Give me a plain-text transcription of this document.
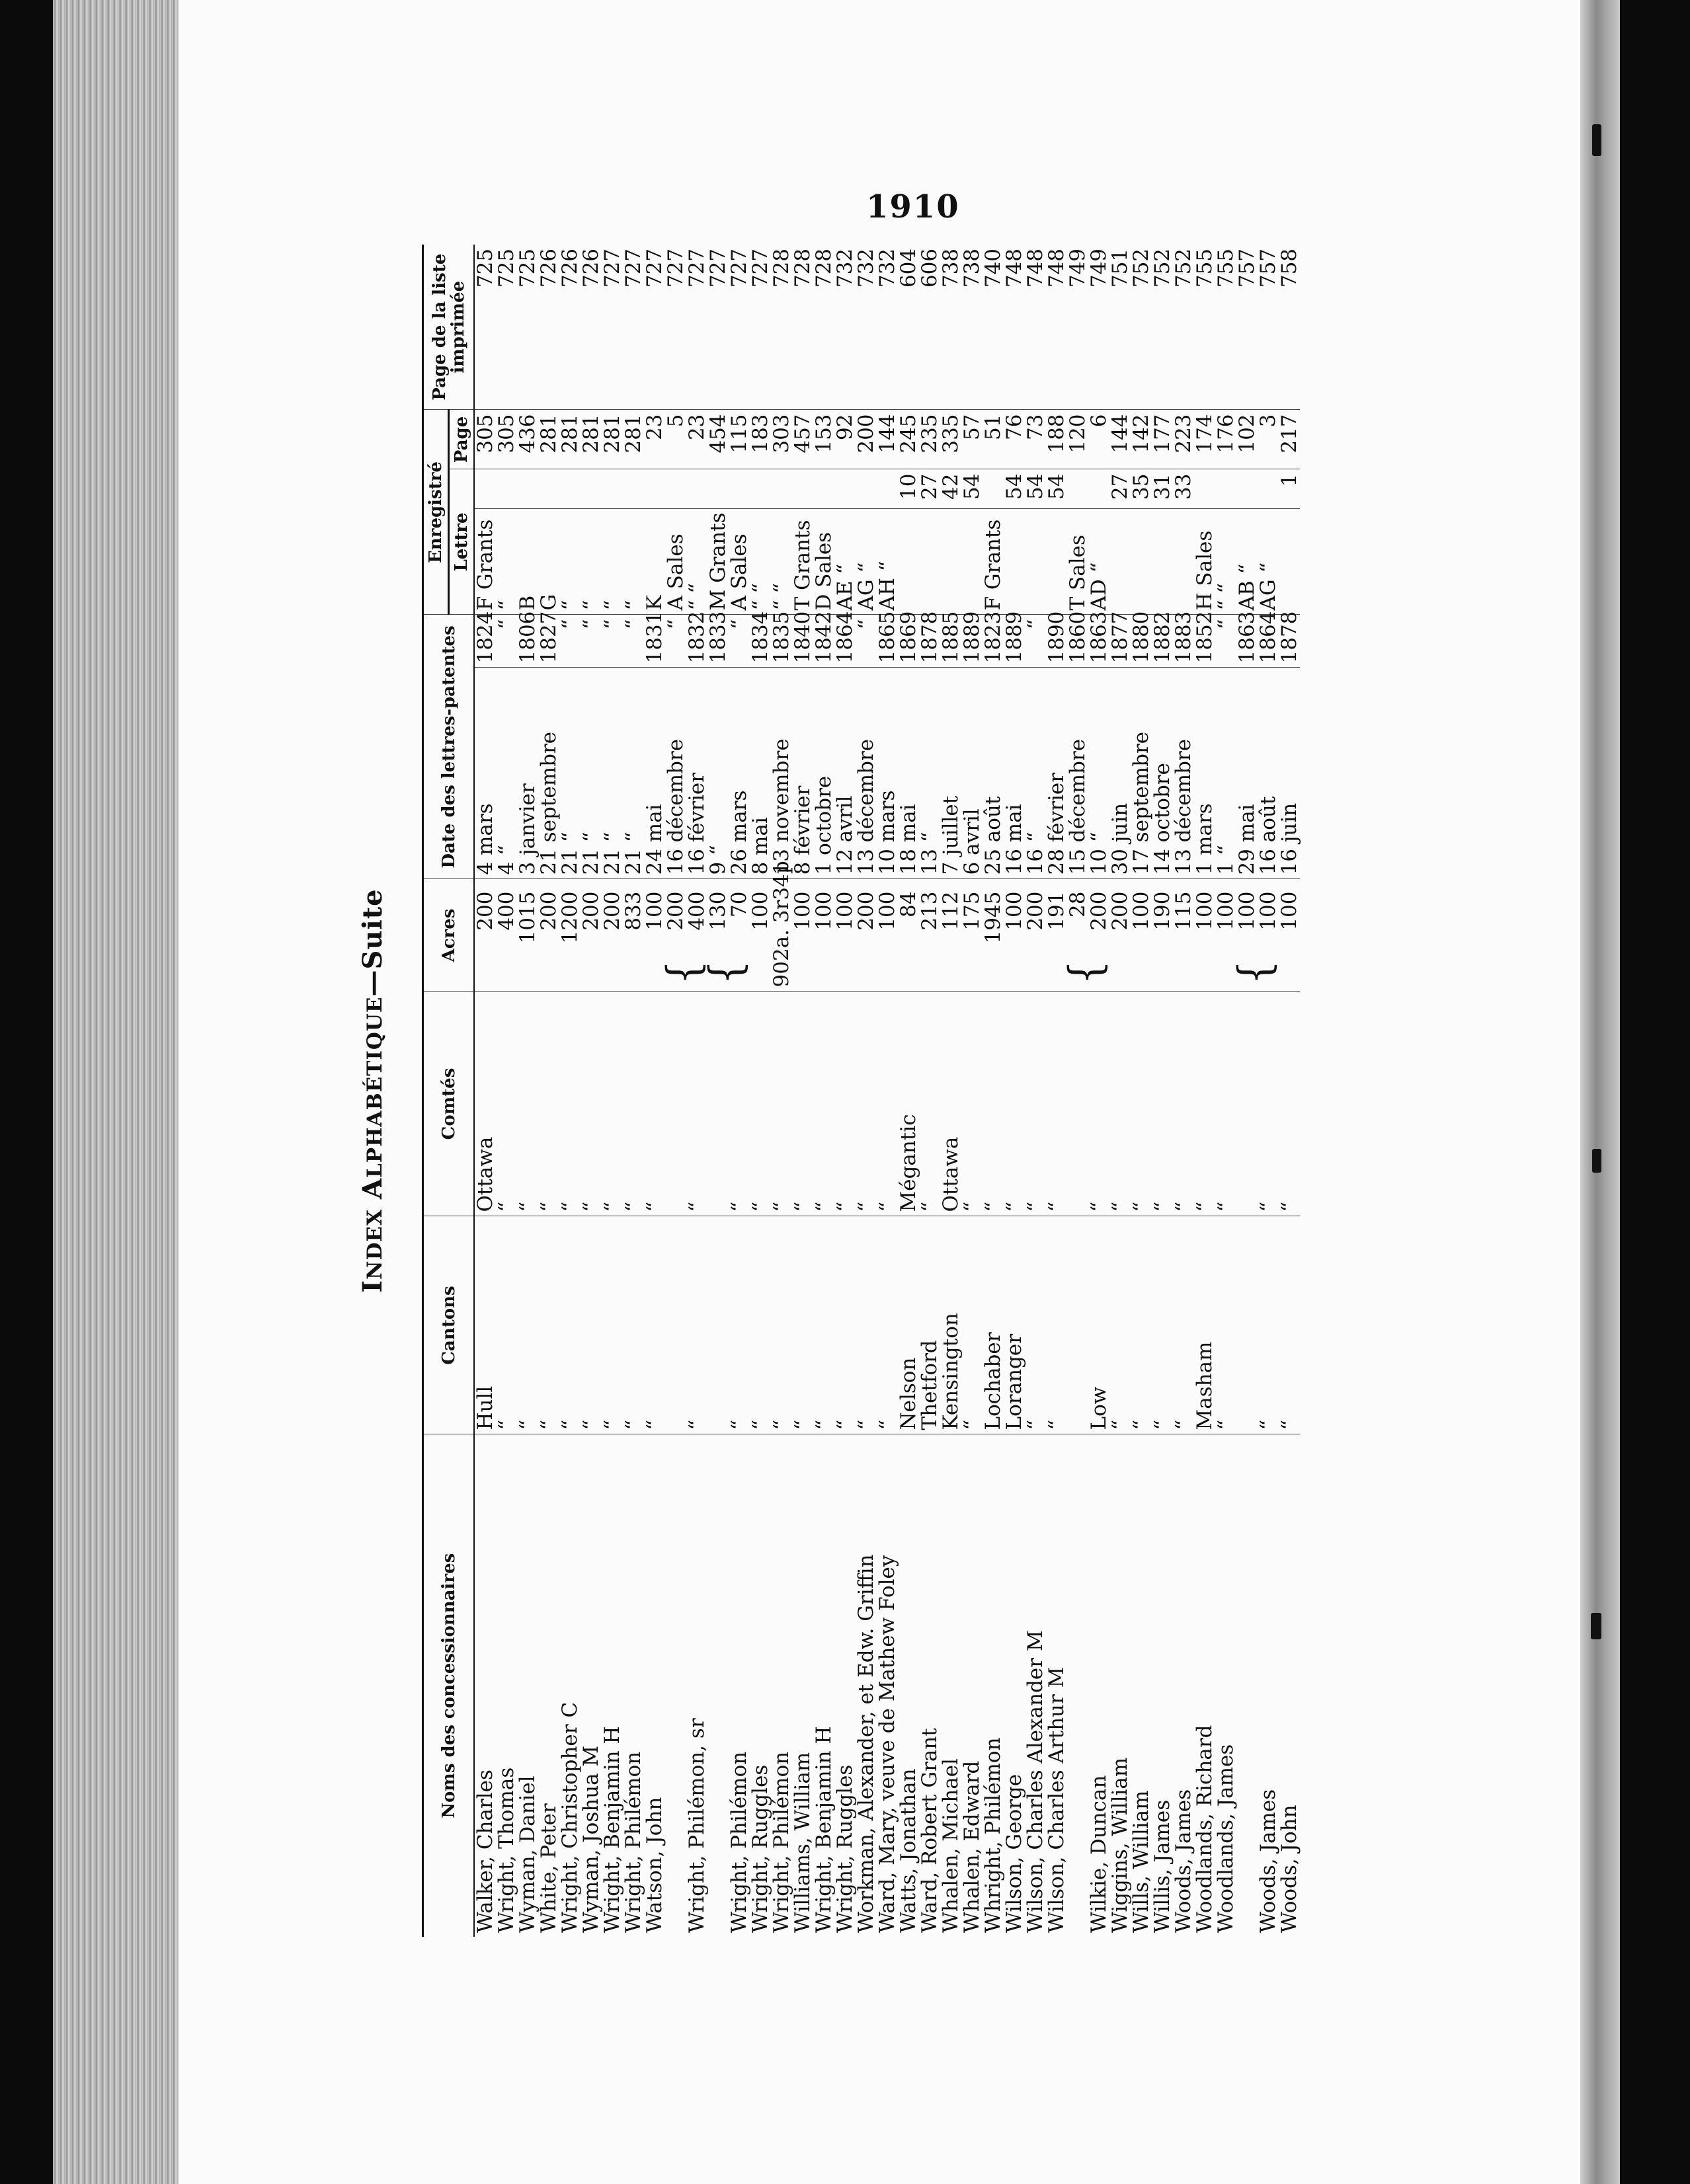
1910
INDEX ALPHABÉTIQUE—Suite
Noms des concessionnaires	Cantons	Comtés	Acres	Date des lettres-patentes		Enregistré			Page de la liste imprimée
						Lettre		Page	
Walker, Charles	Hull	Ottawa	200	4 mars	1824	F Grants		305	725
Wright, Thomas	“	“	400	4 “	“	“		305	725
Wyman, Daniel	“	“	1015	3 janvier	1806	B		436	725
White, Peter	“	“	200	21 septembre	1827	G		281	726
Wright, Christopher C	“	“	1200	21 “	“	“		281	726
Wyman, Joshua M	“	“	200	21 “	“	“		281	726
Wright, Benjamin H	“	“	200	21 “	“	“		281	727
Wright, Philémon	“	“	833	21 “	“	“		281	727
Watson, John	“	“	100	24 mai	1831	K		23	727
			{ 200	16 décembre	“	A Sales		5	727
Wright, Philémon, sr	“	“	400	16 février	1832	“ “		23	727
			{ 130	9 “	1833	M Grants		454	727
Wright, Philémon	“	“	70	26 mars	“	A Sales		115	727
Wright, Ruggles	“	“	100	8 mai	1834	“ “		183	727
Wright, Philémon	“	“	902a. 3r34p	13 novembre	1835	“ “		303	728
Williams, William	“	“	100	8 février	1840	T Grants		457	728
Wright, Benjamin H	“	“	100	1 octobre	1842	D Sales		153	728
Wright, Ruggles	“	“	100	12 avril	1864	AE “		92	732
Workman, Alexander, et Edw. Griffin	“	“	200	13 décembre	“	AG “		200	732
Ward, Mary, veuve de Mathew Foley	“	“	100	10 mars	1865	AH “		144	732
Watts, Jonathan	Nelson	Mégantic	84	18 mai	1869		10	245	604
Ward, Robert Grant	Thetford	“	213	13 “	1878		27	235	606
Whalen, Michael	Kensington	Ottawa	112	7 juillet	1885		42	335	738
Whalen, Edward	“	“	175	6 avril	1889		54	57	738
Whright, Philémon	Lochaber	“	1945	25 août	1823	F Grants		51	740
Wilson, George	Loranger	“	100	16 mai	1889		54	76	748
Wilson, Charles Alexander M	“	“	200	16 “	“		54	73	748
Wilson, Charles Arthur M	“	“	191	28 février	1890		54	188	748
			{ 28	15 décembre	1860	T Sales		120	749
Wilkie, Duncan	Low	“	200	10 “	1863	AD “		6	749
Wiggins, William	“	“	200	30 juin	1877		27	144	751
Wills, William	“	“	100	17 septembre	1880		35	142	752
Willis, James	“	“	190	14 octobre	1882		31	177	752
Woods, James	“	“	115	13 décembre	1883		33	223	752
Woodlands, Richard	Masham	“	100	1 mars	1852	H Sales		174	755
Woodlands, James	“	“	100	1 “	“	“ “		176	755
			{ 100	29 mai	1863	AB “		102	757
Woods, James	“	“	100	16 août	1864	AG “		3	757
Woods, John	“	“	100	16 juin	1878		1	217	758
